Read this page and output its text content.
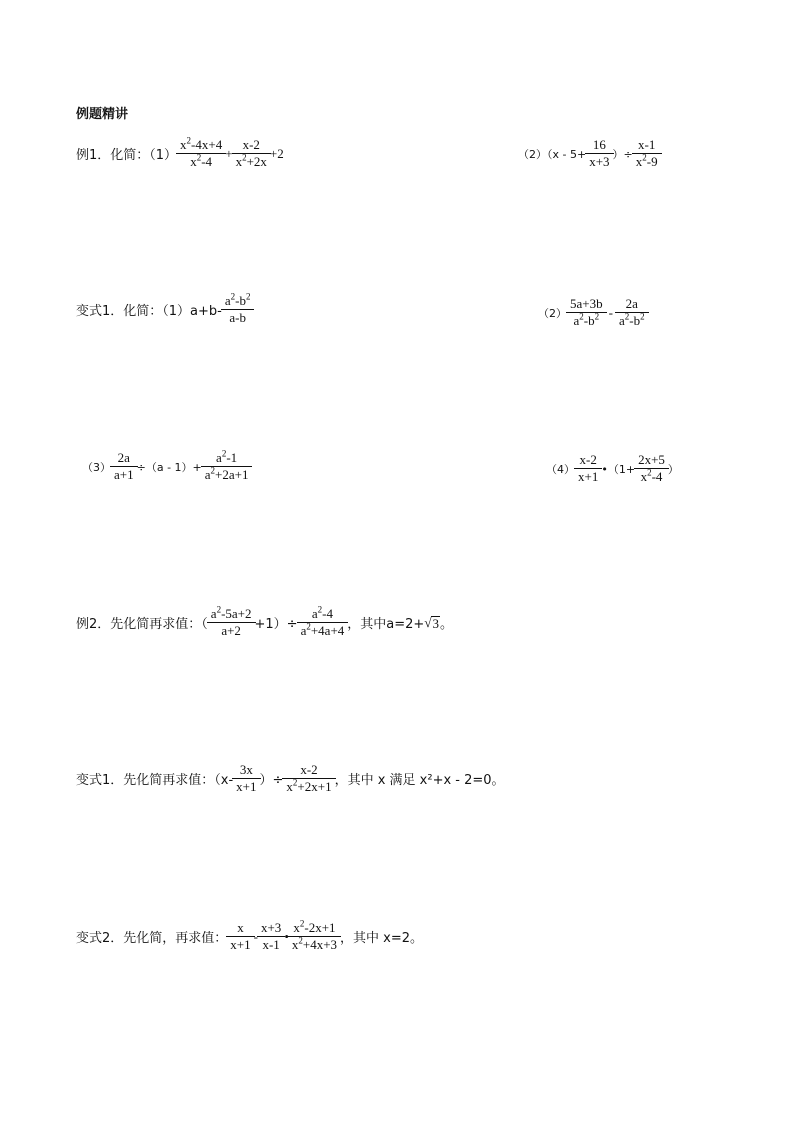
例题精讲
例1．化简：$(1) \frac{x^2-4x+4}{x^2-4} + \frac{x-2}{x^2+2x} +2$	$(2)(x - 5+ \frac{16}{x+3}$ ）÷ $\frac{x-1}{x^2-9}$
变式1．化简：$(1)a+b- \frac{a^2-b^2}{a-b}$	$(2) \frac{5a+3b}{a^2-b^2} - \frac{2a}{a^2-b^2}$
$(3) \frac{2a}{a+1} \div(a - 1)+ \frac{a^2-1}{a^2+2a+1}$	$(4) \frac{x-2}{x+1}$ •（1+ $\frac{2x+5}{x^2-4}$ ）
例2．先化简再求值：（ $\frac{a^2-5a+2}{a+2} +1)\div \frac{a^2-4}{a^2+4a+4}$ ，其中a=2+ √ 3 。
变式1．先化简再求值：（$x- \frac{3x}{x+1}$ ）÷ $\frac{x-2}{x^2+2x+1}$ ，其中 x 满足 x²+x - 2=0。
变式2．先化简，再求值： $\frac{x}{x+1} - \frac{x+3}{x-1}$ • $\frac{x^2-2x+1}{x^2+4x+3}$ ，其中 x=2。
